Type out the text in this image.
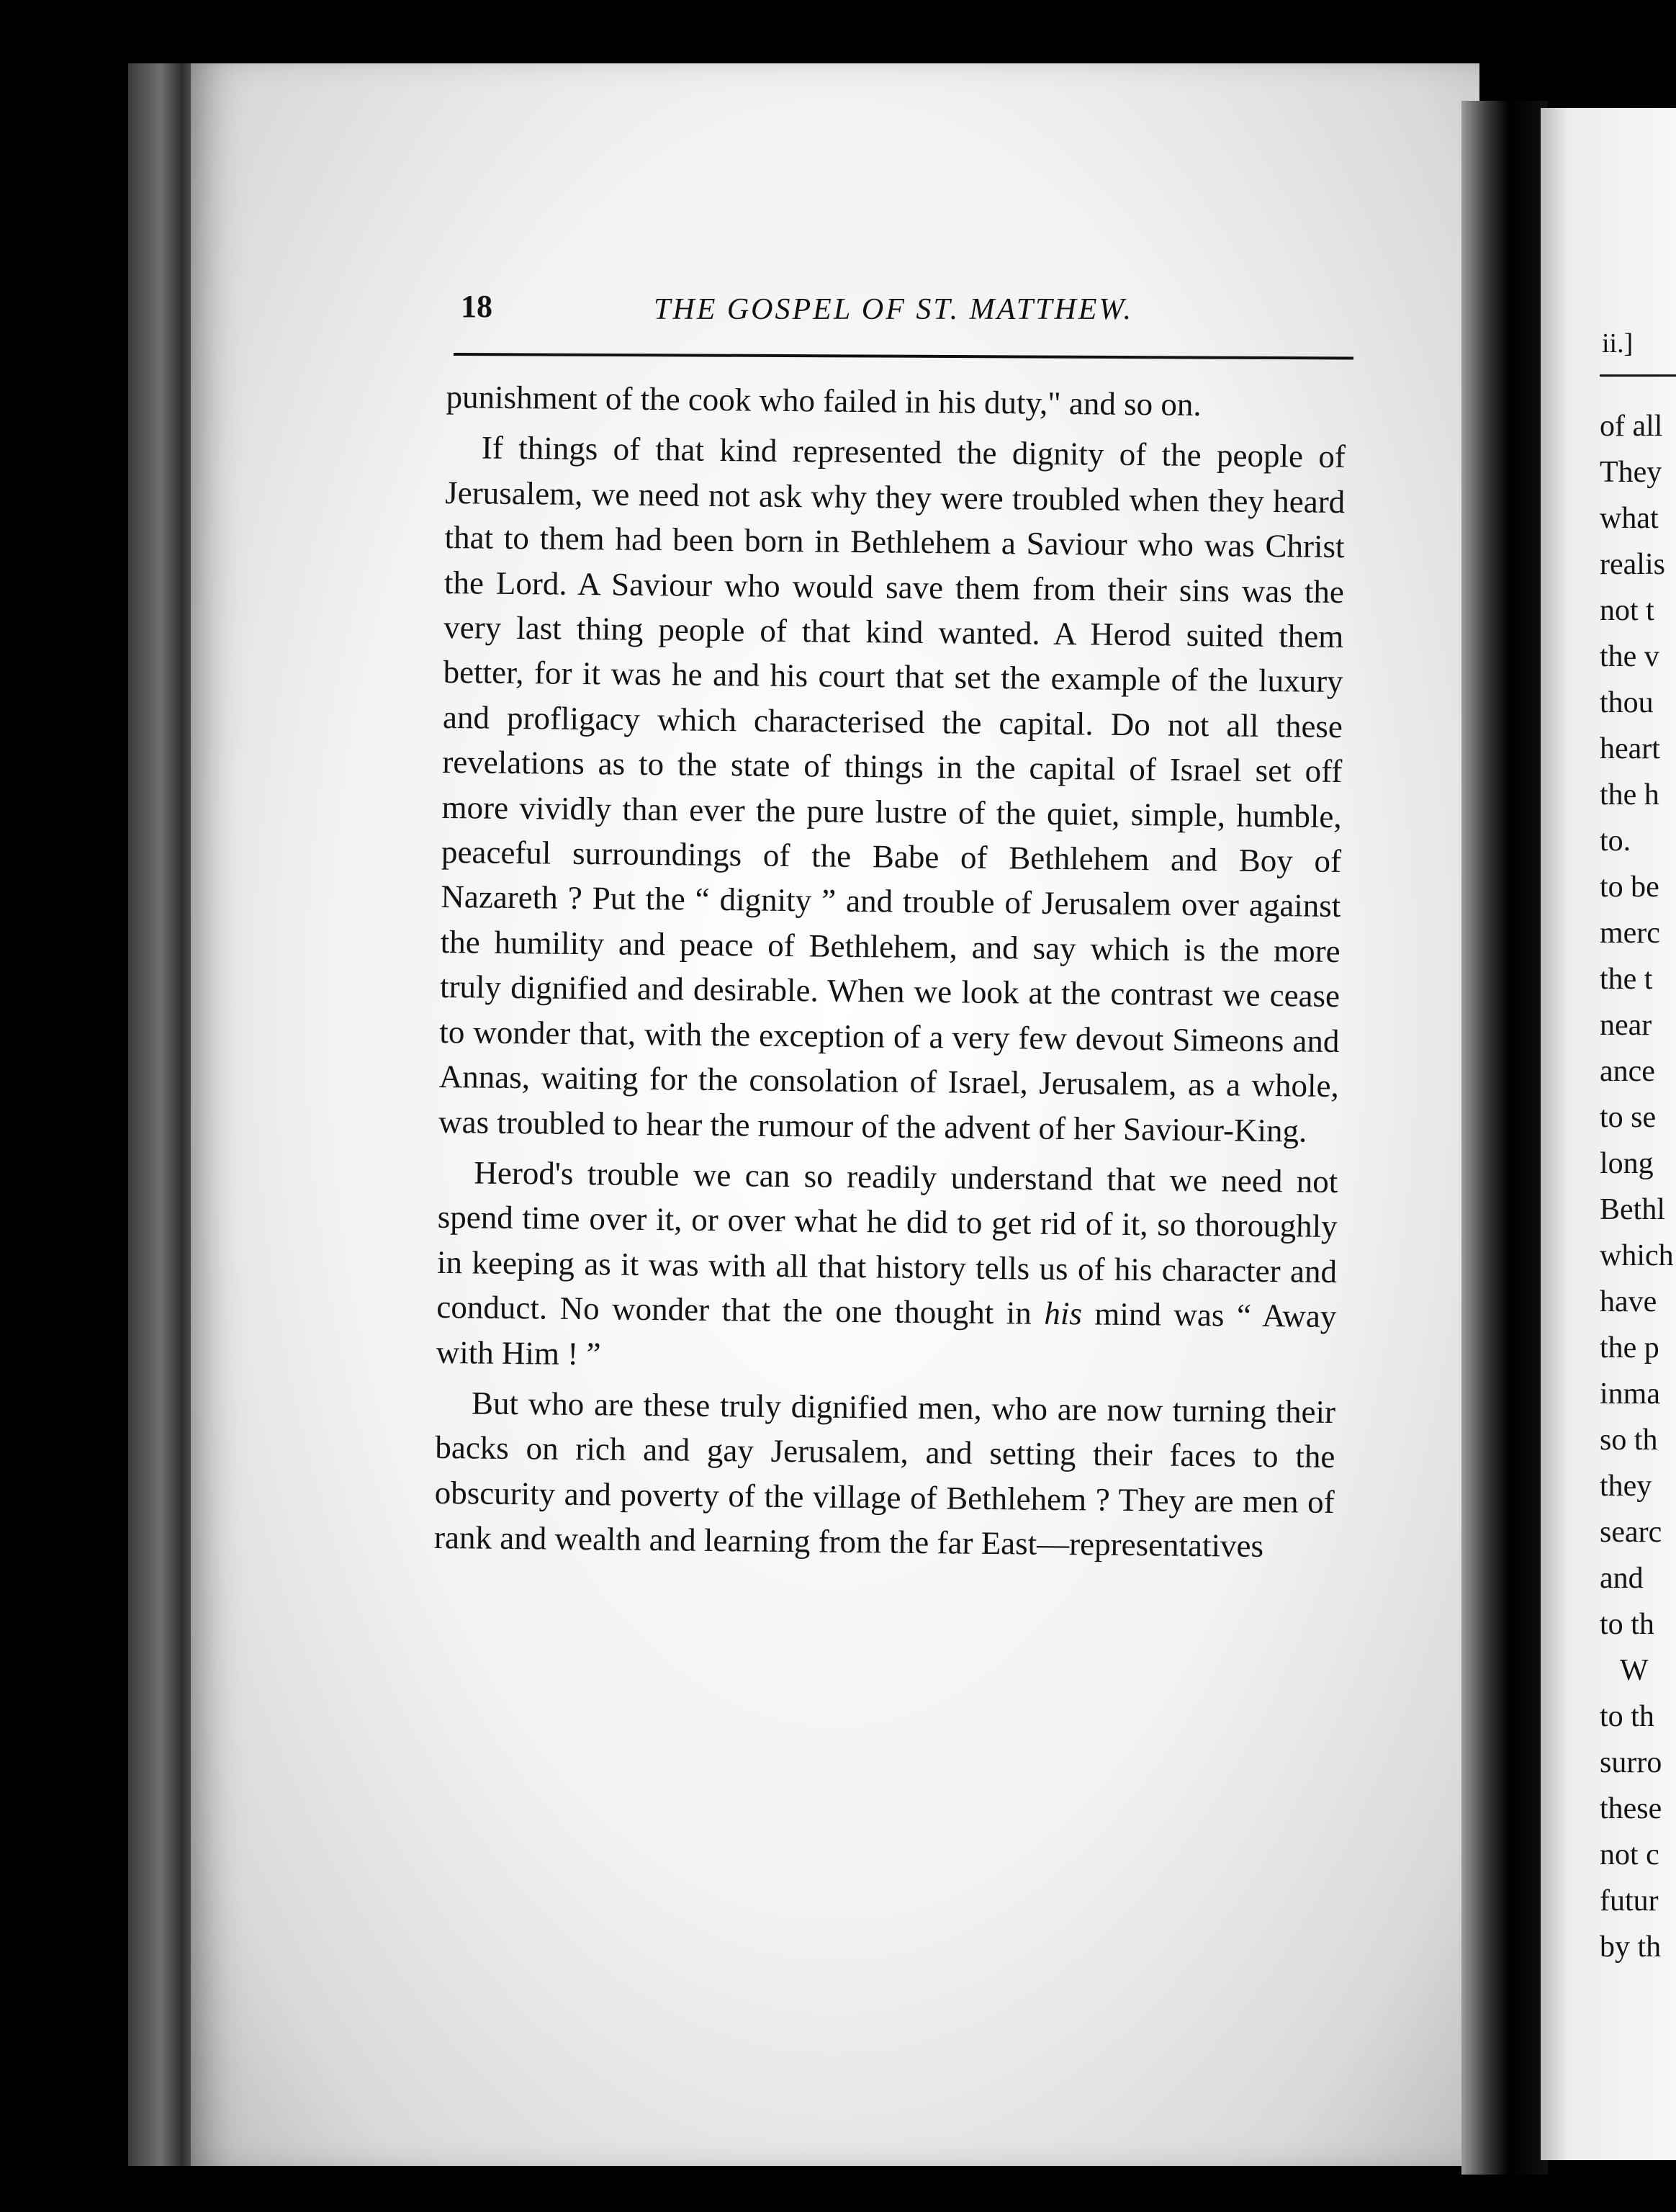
18	THE GOSPEL OF ST. MATTHEW.

punishment of the cook who failed in his duty," and so on.

If things of that kind represented the dignity of the people of Jerusalem, we need not ask why they were troubled when they heard that to them had been born in Bethlehem a Saviour who was Christ the Lord. A Saviour who would save them from their sins was the very last thing people of that kind wanted. A Herod suited them better, for it was he and his court that set the example of the luxury and profligacy which characterised the capital. Do not all these revelations as to the state of things in the capital of Israel set off more vividly than ever the pure lustre of the quiet, simple, humble, peaceful surroundings of the Babe of Bethlehem and Boy of Nazareth ? Put the “ dignity ” and trouble of Jerusalem over against the humility and peace of Bethlehem, and say which is the more truly dignified and desirable. When we look at the contrast we cease to wonder that, with the exception of a very few devout Simeons and Annas, waiting for the consolation of Israel, Jerusalem, as a whole, was troubled to hear the rumour of the advent of her Saviour-King.

Herod's trouble we can so readily understand that we need not spend time over it, or over what he did to get rid of it, so thoroughly in keeping as it was with all that history tells us of his character and conduct. No wonder that the one thought in his mind was “ Away with Him ! ”

But who are these truly dignified men, who are now turning their backs on rich and gay Jerusalem, and setting their faces to the obscurity and poverty of the village of Bethlehem ? They are men of rank and wealth and learning from the far East—representatives

ii.]
of all
They
what
realis
not t
the v
thou
heart
the h
to.
to be
merc
the t
near
ance
to se
long
Bethl
which
have
the p
inma
so th
they
searc
and
to th
W
to th
surro
these
not c
futur
by th
